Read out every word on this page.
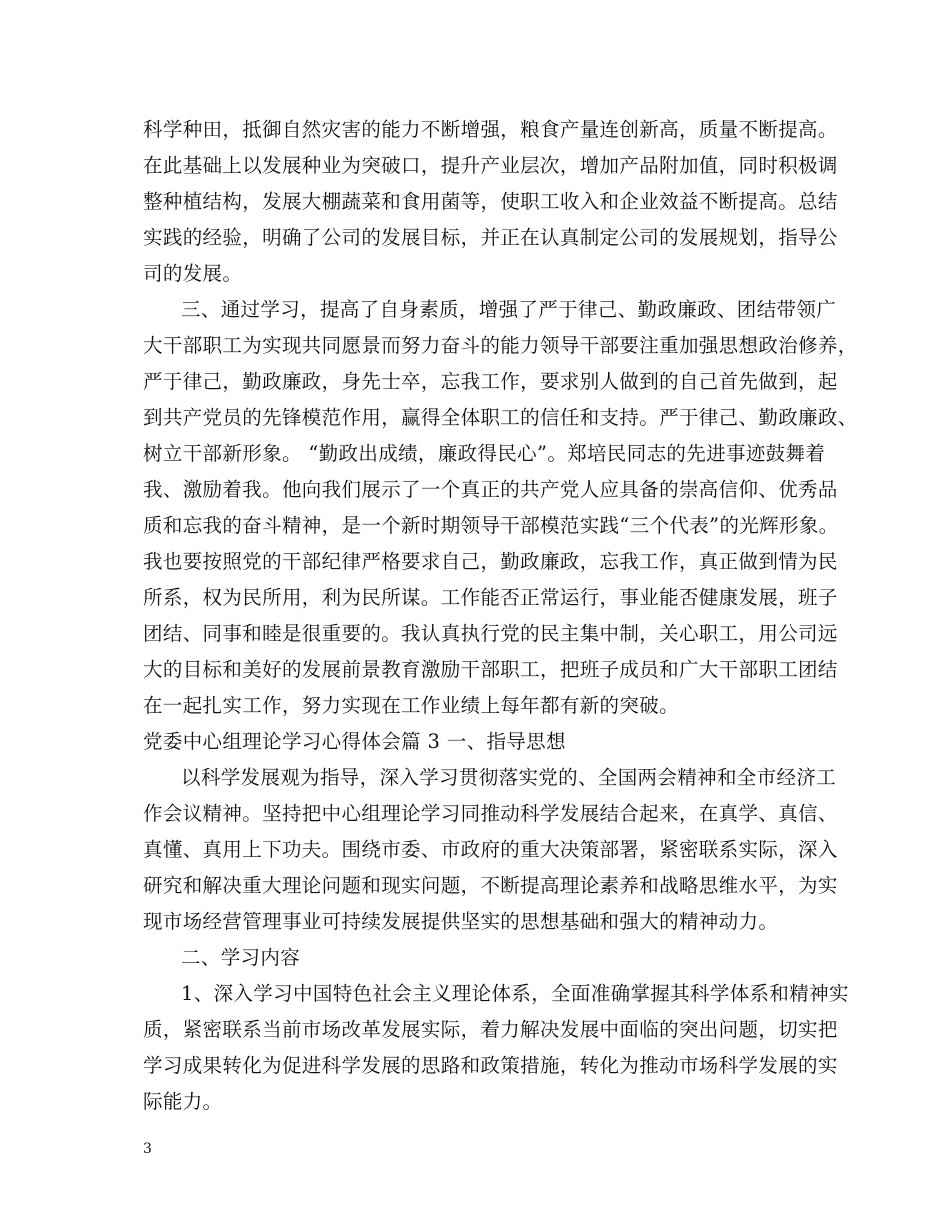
科学种田，抵御自然灾害的能力不断增强，粮食产量连创新高，质量不断提高。
在此基础上以发展种业为突破口，提升产业层次，增加产品附加值，同时积极调
整种植结构，发展大棚蔬菜和食用菌等，使职工收入和企业效益不断提高。总结
实践的经验，明确了公司的发展目标，并正在认真制定公司的发展规划，指导公
司的发展。
三、通过学习，提高了自身素质，增强了严于律己、勤政廉政、团结带领广
大干部职工为实现共同愿景而努力奋斗的能力领导干部要注重加强思想政治修养，
严于律己，勤政廉政，身先士卒，忘我工作，要求别人做到的自己首先做到，起
到共产党员的先锋模范作用，赢得全体职工的信任和支持。严于律己、勤政廉政、
树立干部新形象。 “勤政出成绩，廉政得民心”。郑培民同志的先进事迹鼓舞着
我、激励着我。他向我们展示了一个真正的共产党人应具备的崇高信仰、优秀品
质和忘我的奋斗精神，是一个新时期领导干部模范实践“三个代表”的光辉形象。
我也要按照党的干部纪律严格要求自己，勤政廉政，忘我工作，真正做到情为民
所系，权为民所用，利为民所谋。工作能否正常运行，事业能否健康发展，班子
团结、同事和睦是很重要的。我认真执行党的民主集中制，关心职工，用公司远
大的目标和美好的发展前景教育激励干部职工，把班子成员和广大干部职工团结
在一起扎实工作，努力实现在工作业绩上每年都有新的突破。
党委中心组理论学习心得体会篇 3 一、指导思想
以科学发展观为指导，深入学习贯彻落实党的、全国两会精神和全市经济工
作会议精神。坚持把中心组理论学习同推动科学发展结合起来，在真学、真信、
真懂、真用上下功夫。围绕市委、市政府的重大决策部署，紧密联系实际，深入
研究和解决重大理论问题和现实问题，不断提高理论素养和战略思维水平，为实
现市场经营管理事业可持续发展提供坚实的思想基础和强大的精神动力。
二、学习内容
1、深入学习中国特色社会主义理论体系，全面准确掌握其科学体系和精神实
质，紧密联系当前市场改革发展实际，着力解决发展中面临的突出问题，切实把
学习成果转化为促进科学发展的思路和政策措施，转化为推动市场科学发展的实
际能力。
3
